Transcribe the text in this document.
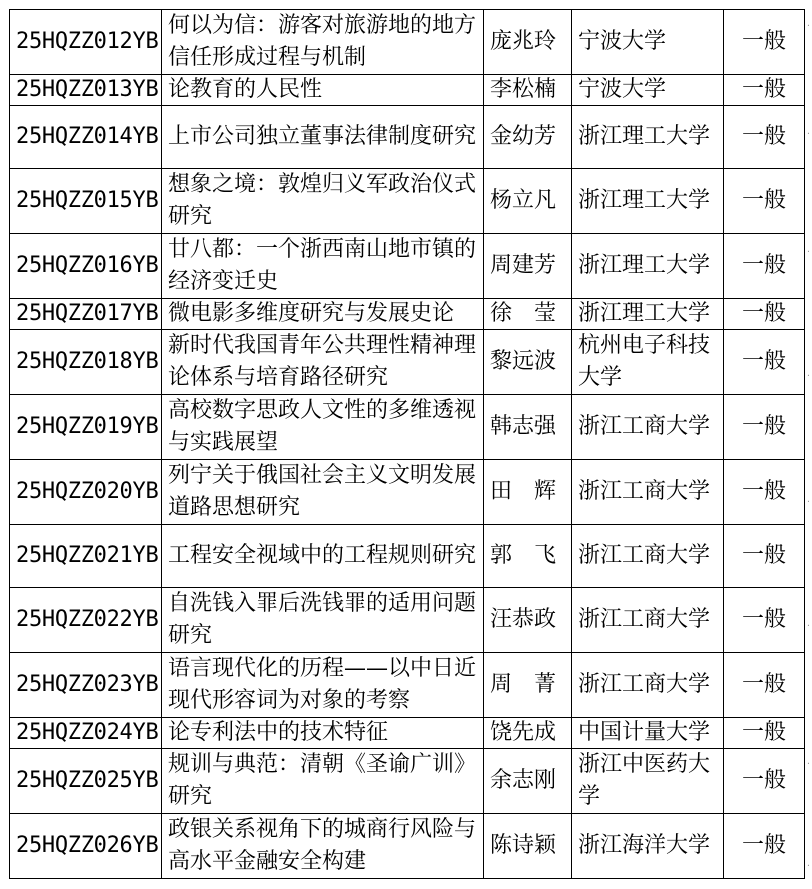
25HQZZ012YB	何以为信：游客对旅游地的地方信任形成过程与机制	庞兆玲	宁波大学	一般
25HQZZ013YB	论教育的人民性	李松楠	宁波大学	一般
25HQZZ014YB	上市公司独立董事法律制度研究	金幼芳	浙江理工大学	一般
25HQZZ015YB	想象之境：敦煌归义军政治仪式研究	杨立凡	浙江理工大学	一般
25HQZZ016YB	廿八都：一个浙西南山地市镇的经济变迁史	周建芳	浙江理工大学	一般
25HQZZ017YB	微电影多维度研究与发展史论	徐　莹	浙江理工大学	一般
25HQZZ018YB	新时代我国青年公共理性精神理论体系与培育路径研究	黎远波	杭州电子科技大学	一般
25HQZZ019YB	高校数字思政人文性的多维透视与实践展望	韩志强	浙江工商大学	一般
25HQZZ020YB	列宁关于俄国社会主义文明发展道路思想研究	田　辉	浙江工商大学	一般
25HQZZ021YB	工程安全视域中的工程规则研究	郭　飞	浙江工商大学	一般
25HQZZ022YB	自洗钱入罪后洗钱罪的适用问题研究	汪恭政	浙江工商大学	一般
25HQZZ023YB	语言现代化的历程——以中日近现代形容词为对象的考察	周　菁	浙江工商大学	一般
25HQZZ024YB	论专利法中的技术特征	饶先成	中国计量大学	一般
25HQZZ025YB	规训与典范：清朝《圣谕广训》研究	余志刚	浙江中医药大学	一般
25HQZZ026YB	政银关系视角下的城商行风险与高水平金融安全构建	陈诗颖	浙江海洋大学	一般
·
·
·
·
·
·
·
·
